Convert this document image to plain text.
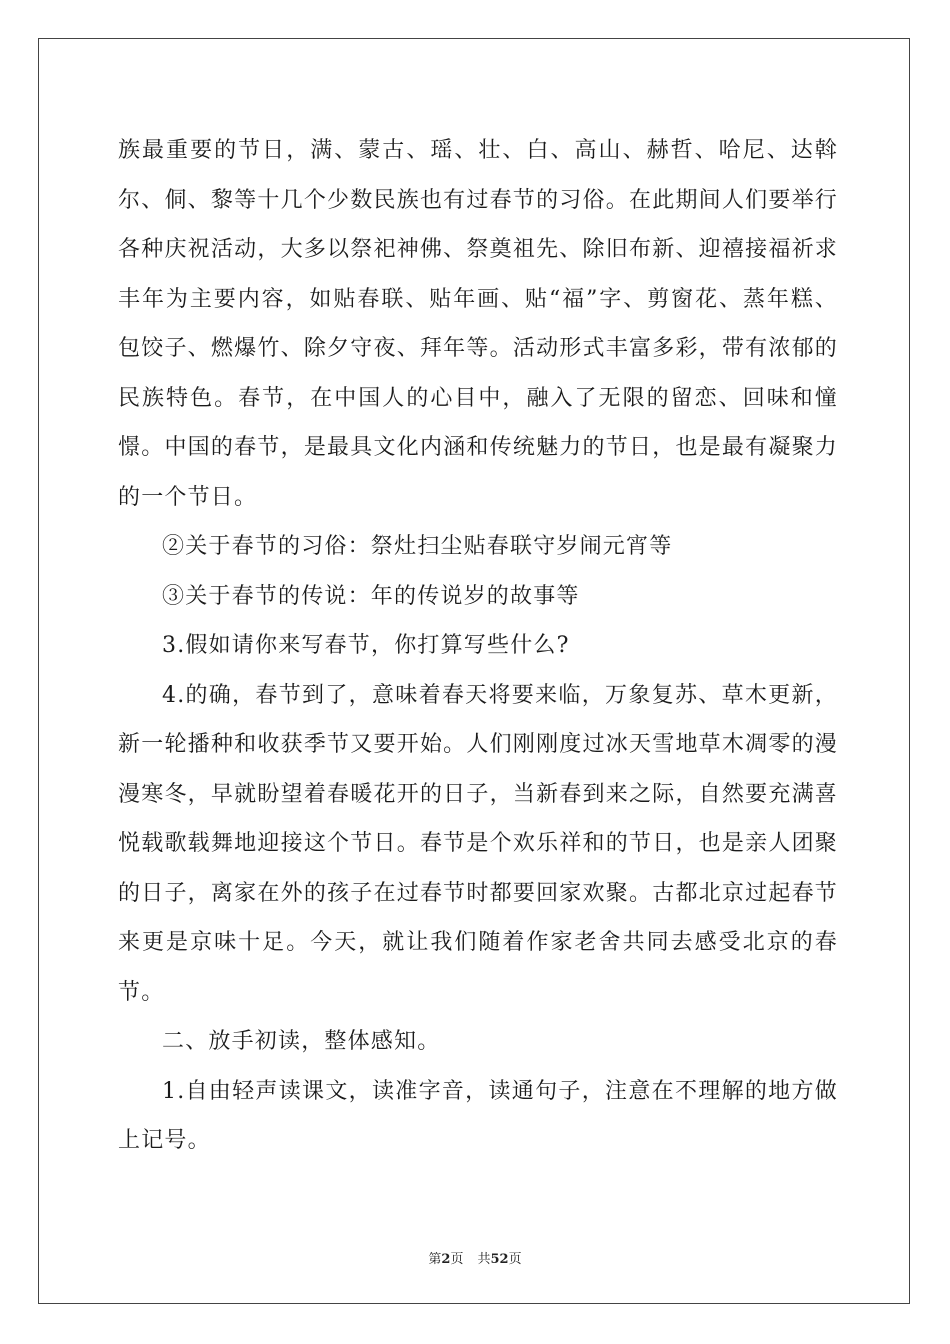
族最重要的节日，满、蒙古、瑶、壮、白、高山、赫哲、哈尼、达斡尔、侗、黎等十几个少数民族也有过春节的习俗。在此期间人们要举行各种庆祝活动，大多以祭祀神佛、祭奠祖先、除旧布新、迎禧接福祈求丰年为主要内容，如贴春联、贴年画、贴“福”字、剪窗花、蒸年糕、包饺子、燃爆竹、除夕守夜、拜年等。活动形式丰富多彩，带有浓郁的民族特色。春节，在中国人的心目中，融入了无限的留恋、回味和憧憬。中国的春节，是最具文化内涵和传统魅力的节日，也是最有凝聚力的一个节日。

②关于春节的习俗：祭灶扫尘贴春联守岁闹元宵等

③关于春节的传说：年的传说岁的故事等

3.假如请你来写春节，你打算写些什么?

4.的确，春节到了，意味着春天将要来临，万象复苏、草木更新，新一轮播种和收获季节又要开始。人们刚刚度过冰天雪地草木凋零的漫漫寒冬，早就盼望着春暖花开的日子，当新春到来之际，自然要充满喜悦载歌载舞地迎接这个节日。春节是个欢乐祥和的节日，也是亲人团聚的日子，离家在外的孩子在过春节时都要回家欢聚。古都北京过起春节来更是京味十足。今天，就让我们随着作家老舍共同去感受北京的春节。

二、放手初读，整体感知。

1.自由轻声读课文，读准字音，读通句子，注意在不理解的地方做上记号。

第2页 共52页
